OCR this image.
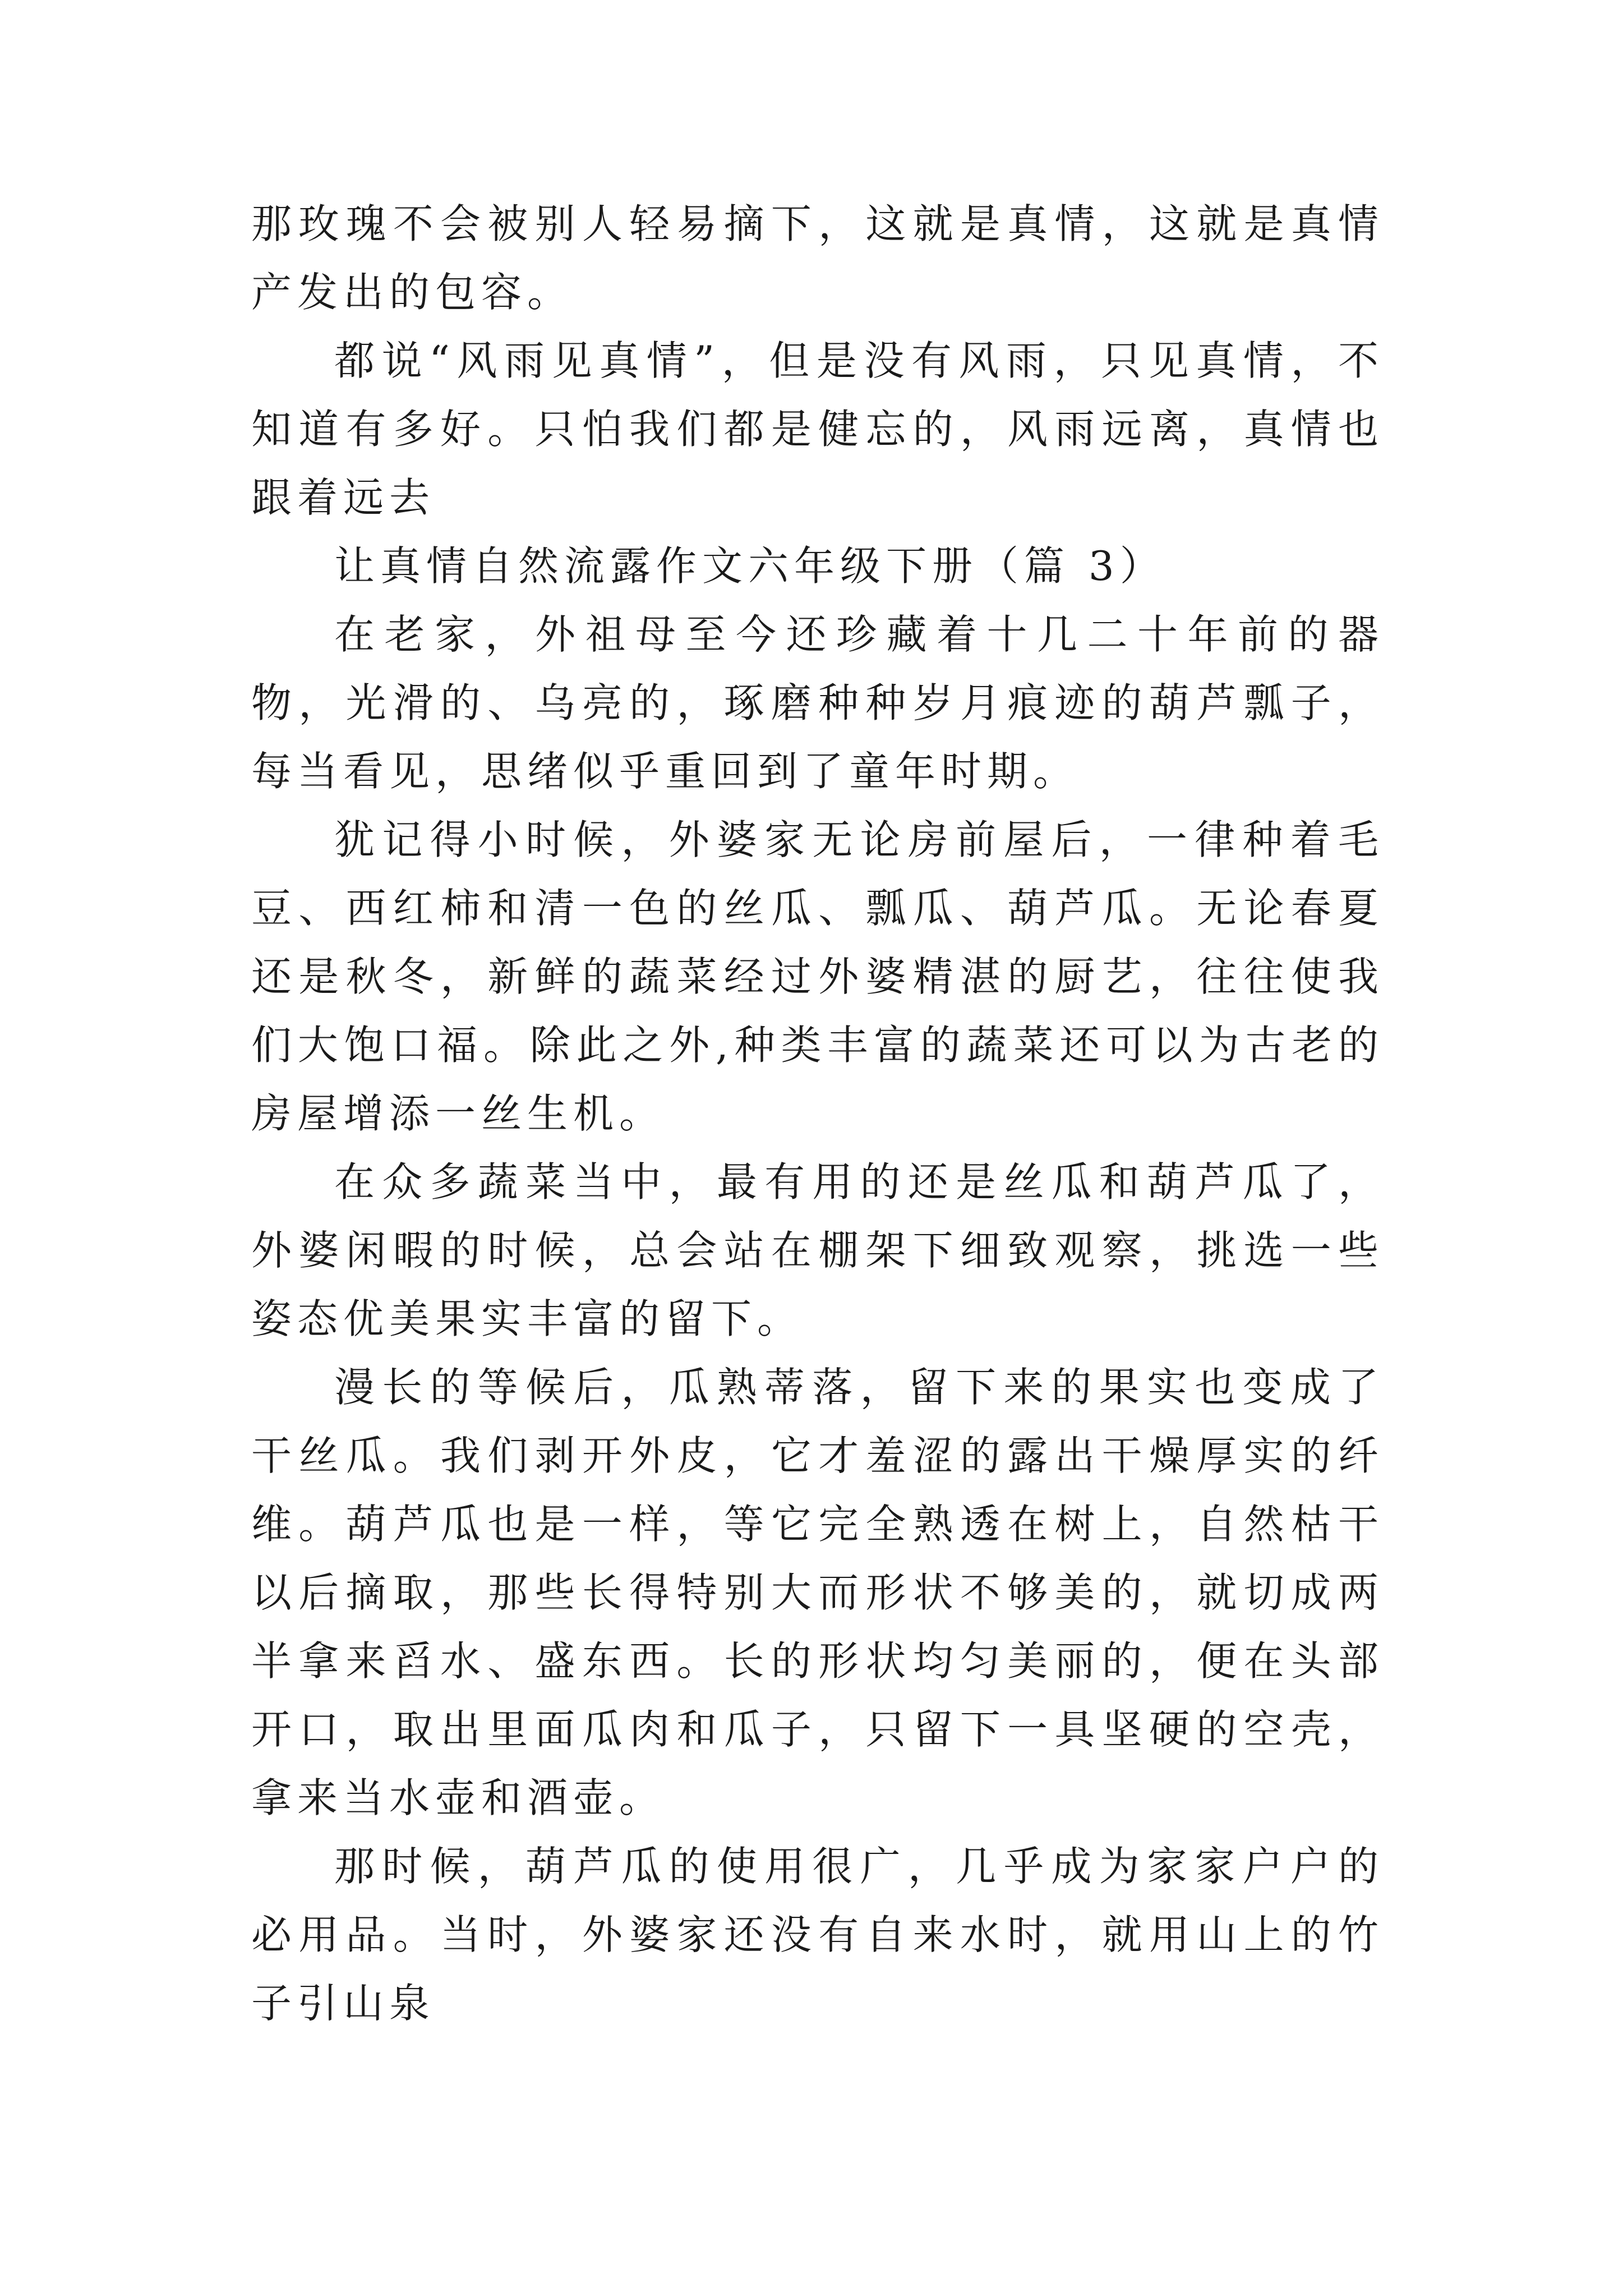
那玫瑰不会被别人轻易摘下，这就是真情，这就是真情产发出的包容。

都说“风雨见真情”，但是没有风雨，只见真情，不知道有多好。只怕我们都是健忘的，风雨远离，真情也跟着远去

让真情自然流露作文六年级下册（篇 3）

在老家，外祖母至今还珍藏着十几二十年前的器物，光滑的、乌亮的，琢磨种种岁月痕迹的葫芦瓢子，每当看见，思绪似乎重回到了童年时期。

犹记得小时候，外婆家无论房前屋后，一律种着毛豆、西红柿和清一色的丝瓜、瓢瓜、葫芦瓜。无论春夏还是秋冬，新鲜的蔬菜经过外婆精湛的厨艺，往往使我们大饱口福。除此之外,种类丰富的蔬菜还可以为古老的房屋增添一丝生机。

在众多蔬菜当中，最有用的还是丝瓜和葫芦瓜了，外婆闲暇的时候，总会站在棚架下细致观察，挑选一些姿态优美果实丰富的留下。

漫长的等候后，瓜熟蒂落，留下来的果实也变成了干丝瓜。我们剥开外皮，它才羞涩的露出干燥厚实的纤维。葫芦瓜也是一样，等它完全熟透在树上，自然枯干以后摘取，那些长得特别大而形状不够美的，就切成两半拿来舀水、盛东西。长的形状均匀美丽的，便在头部开口，取出里面瓜肉和瓜子，只留下一具坚硬的空壳，拿来当水壶和酒壶。

那时候，葫芦瓜的使用很广，几乎成为家家户户的必用品。当时，外婆家还没有自来水时，就用山上的竹子引山泉
